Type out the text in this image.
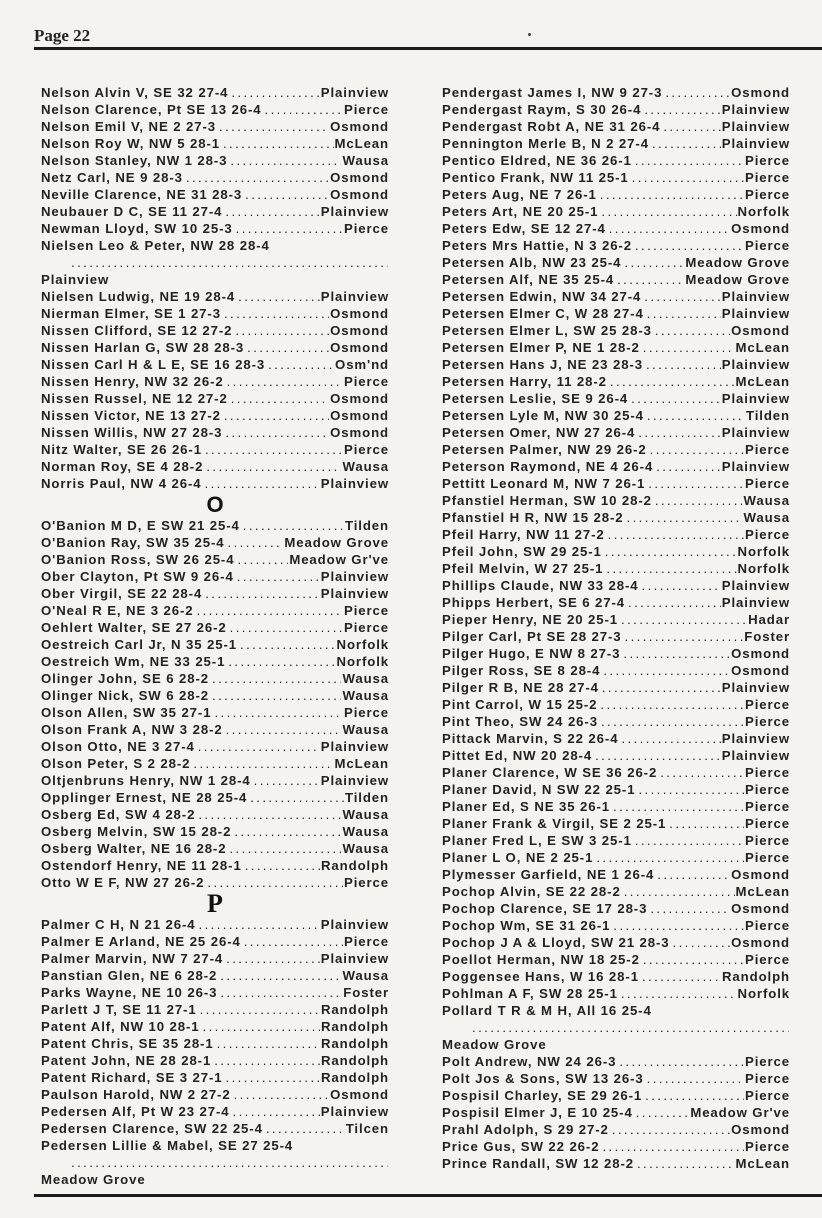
Page 22
Nelson Alvin V, SE 32 27-4 .....	Plainview
Nelson Clarence, Pt SE 13 26-4 .....	Pierce
Nelson Emil V, NE 2 27-3 .....	Osmond
Nelson Roy W, NW 5 28-1 .....	McLean
Nelson Stanley, NW 1 28-3 .....	Wausa
Netz Carl, NE 9 28-3 .....	Osmond
Neville Clarence, NE 31 28-3 .....	Osmond
Neubauer D C, SE 11 27-4 .....	Plainview
Newman Lloyd, SW 10 25-3 .....	Pierce
Nielsen Leo & Peter, NW 28 28-4
.....
Plainview
Nielsen Ludwig, NE 19 28-4 .....	Plainview
Nierman Elmer, SE 1 27-3 .....	Osmond
Nissen Clifford, SE 12 27-2 .....	Osmond
Nissen Harlan G, SW 28 28-3 .....	Osmond
Nissen Carl H & L E, SE 16 28-3 .....	Osm'nd
Nissen Henry, NW 32 26-2 .....	Pierce
Nissen Russel, NE 12 27-2 .....	Osmond
Nissen Victor, NE 13 27-2 .....	Osmond
Nissen Willis, NW 27 28-3 .....	Osmond
Nitz Walter, SE 26 26-1 .....	Pierce
Norman Roy, SE 4 28-2 .....	Wausa
Norris Paul, NW 4 26-4 .....	Plainview
O
O'Banion M D, E SW 21 25-4 .....	Tilden
O'Banion Ray, SW 35 25-4 .....	Meadow Grove
O'Banion Ross, SW 26 25-4 .....	Meadow Gr've
Ober Clayton, Pt SW 9 26-4 .....	Plainview
Ober Virgil, SE 22 28-4 .....	Plainview
O'Neal R E, NE 3 26-2 .....	Pierce
Oehlert Walter, SE 27 26-2 .....	Pierce
Oestreich Carl Jr, N 35 25-1 .....	Norfolk
Oestreich Wm, NE 33 25-1 .....	Norfolk
Olinger John, SE 6 28-2 .....	Wausa
Olinger Nick, SW 6 28-2 .....	Wausa
Olson Allen, SW 35 27-1 .....	Pierce
Olson Frank A, NW 3 28-2 .....	Wausa
Olson Otto, NE 3 27-4 .....	Plainview
Olson Peter, S 2 28-2 .....	McLean
Oltjenbruns Henry, NW 1 28-4 .....	Plainview
Opplinger Ernest, NE 28 25-4 .....	Tilden
Osberg Ed, SW 4 28-2 .....	Wausa
Osberg Melvin, SW 15 28-2 .....	Wausa
Osberg Walter, NE 16 28-2 .....	Wausa
Ostendorf Henry, NE 11 28-1 .....	Randolph
Otto W E F, NW 27 26-2 .....	Pierce
P
Palmer C H, N 21 26-4 .....	Plainview
Palmer E Arland, NE 25 26-4 .....	Pierce
Palmer Marvin, NW 7 27-4 .....	Plainview
Panstian Glen, NE 6 28-2 .....	Wausa
Parks Wayne, NE 10 26-3 .....	Foster
Parlett J T, SE 11 27-1 .....	Randolph
Patent Alf, NW 10 28-1 .....	Randolph
Patent Chris, SE 35 28-1 .....	Randolph
Patent John, NE 28 28-1 .....	Randolph
Patent Richard, SE 3 27-1 .....	Randolph
Paulson Harold, NW 2 27-2 .....	Osmond
Pedersen Alf, Pt W 23 27-4 .....	Plainview
Pedersen Clarence, SW 22 25-4 .....	Tilcen
Pedersen Lillie & Mabel, SE 27 25-4
.....
Meadow Grove
Pendergast James I, NW 9 27-3 .....	Osmond
Pendergast Raym, S 30 26-4 .....	Plainview
Pendergast Robt A, NE 31 26-4 .....	Plainview
Pennington Merle B, N 2 27-4 .....	Plainview
Pentico Eldred, NE 36 26-1 .....	Pierce
Pentico Frank, NW 11 25-1 .....	Pierce
Peters Aug, NE 7 26-1 .....	Pierce
Peters Art, NE 20 25-1 .....	Norfolk
Peters Edw, SE 12 27-4 .....	Osmond
Peters Mrs Hattie, N 3 26-2 .....	Pierce
Petersen Alb, NW 23 25-4 .....	Meadow Grove
Petersen Alf, NE 35 25-4 .....	Meadow Grove
Petersen Edwin, NW 34 27-4 .....	Plainview
Petersen Elmer C, W 28 27-4 .....	Plainview
Petersen Elmer L, SW 25 28-3 .....	Osmond
Petersen Elmer P, NE 1 28-2 .....	McLean
Petersen Hans J, NE 23 28-3 .....	Plainview
Petersen Harry, 11 28-2 .....	McLean
Petersen Leslie, SE 9 26-4 .....	Plainview
Petersen Lyle M, NW 30 25-4 .....	Tilden
Petersen Omer, NW 27 26-4 .....	Plainview
Petersen Palmer, NW 29 26-2 .....	Pierce
Peterson Raymond, NE 4 26-4 .....	Plainview
Pettitt Leonard M, NW 7 26-1 .....	Pierce
Pfanstiel Herman, SW 10 28-2 .....	Wausa
Pfanstiel H R, NW 15 28-2 .....	Wausa
Pfeil Harry, NW 11 27-2 .....	Pierce
Pfeil John, SW 29 25-1 .....	Norfolk
Pfeil Melvin, W 27 25-1 .....	Norfolk
Phillips Claude, NW 33 28-4 .....	Plainview
Phipps Herbert, SE 6 27-4 .....	Plainview
Pieper Henry, NE 20 25-1 .....	Hadar
Pilger Carl, Pt SE 28 27-3 .....	Foster
Pilger Hugo, E NW 8 27-3 .....	Osmond
Pilger Ross, SE 8 28-4 .....	Osmond
Pilger R B, NE 28 27-4 .....	Plainview
Pint Carrol, W 15 25-2 .....	Pierce
Pint Theo, SW 24 26-3 .....	Pierce
Pittack Marvin, S 22 26-4 .....	Plainview
Pittet Ed, NW 20 28-4 .....	Plainview
Planer Clarence, W SE 36 26-2 .....	Pierce
Planer David, N SW 22 25-1 .....	Pierce
Planer Ed, S NE 35 26-1 .....	Pierce
Planer Frank & Virgil, SE 2 25-1 .....	Pierce
Planer Fred L, E SW 3 25-1 .....	Pierce
Planer L O, NE 2 25-1 .....	Pierce
Plymesser Garfield, NE 1 26-4 .....	Osmond
Pochop Alvin, SE 22 28-2 .....	McLean
Pochop Clarence, SE 17 28-3 .....	Osmond
Pochop Wm, SE 31 26-1 .....	Pierce
Pochop J A & Lloyd, SW 21 28-3 .....	Osmond
Poellot Herman, NW 18 25-2 .....	Pierce
Poggensee Hans, W 16 28-1 .....	Randolph
Pohlman A F, SW 28 25-1 .....	Norfolk
Pollard T R & M H, All 16 25-4
.....
Meadow Grove
Polt Andrew, NW 24 26-3 .....	Pierce
Polt Jos & Sons, SW 13 26-3 .....	Pierce
Pospisil Charley, SE 29 26-1 .....	Pierce
Pospisil Elmer J, E 10 25-4 .....	Meadow Gr've
Prahl Adolph, S 29 27-2 .....	Osmond
Price Gus, SW 22 26-2 .....	Pierce
Prince Randall, SW 12 28-2 .....	McLean
